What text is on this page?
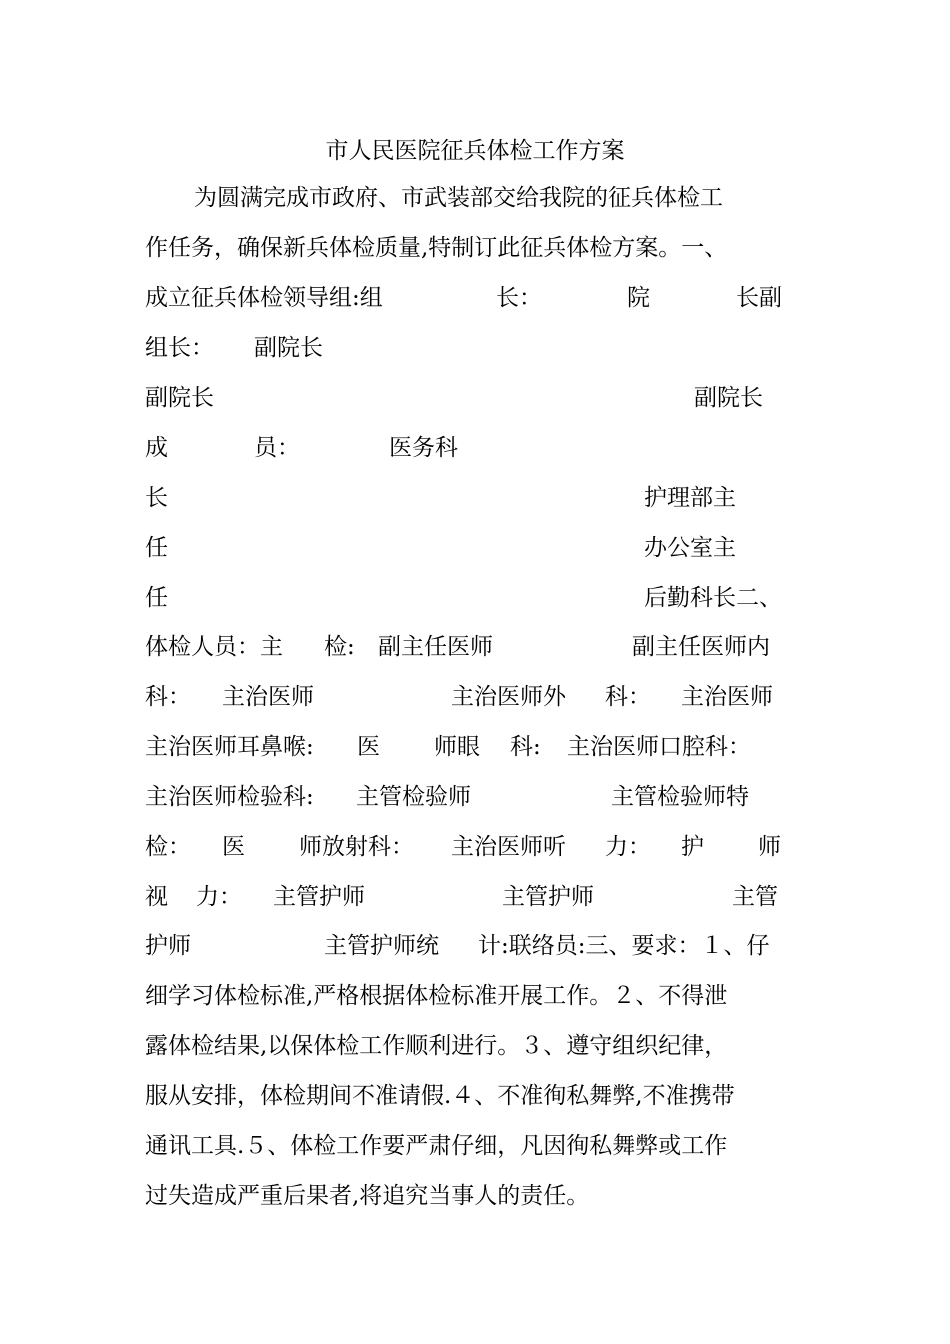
市人民医院征兵体检工作方案
为圆满完成市政府、市武装部交给我院的征兵体检工
作任务，确保新兵体检质量,特制订此征兵体检方案。一、
成立征兵体检领导组:组	长：	院	长副
组长： 副院长
副院长	副院长
成	员：	医务科
长	护理部主
任	办公室主
任	后勤科长二、
体检人员：主 检: 副主任医师	副主任医师内
科： 主治医师	主治医师外 科： 主治医师
主治医师耳鼻喉: 医 师眼 科: 主治医师口腔科：
主治医师检验科: 主管检验师	主管检验师特
检： 医 师放射科： 主治医师听 力： 护 师
视 力： 主管护师	主管护师	主管
护师	主管护师统 计:联络员:三、要求：１、仔
细学习体检标准,严格根据体检标准开展工作。２、不得泄
露体检结果,以保体检工作顺利进行。３、遵守组织纪律，
服从安排，体检期间不准请假.４、不准徇私舞弊,不准携带
通讯工具.５、体检工作要严肃仔细，凡因徇私舞弊或工作
过失造成严重后果者,将追究当事人的责任。
